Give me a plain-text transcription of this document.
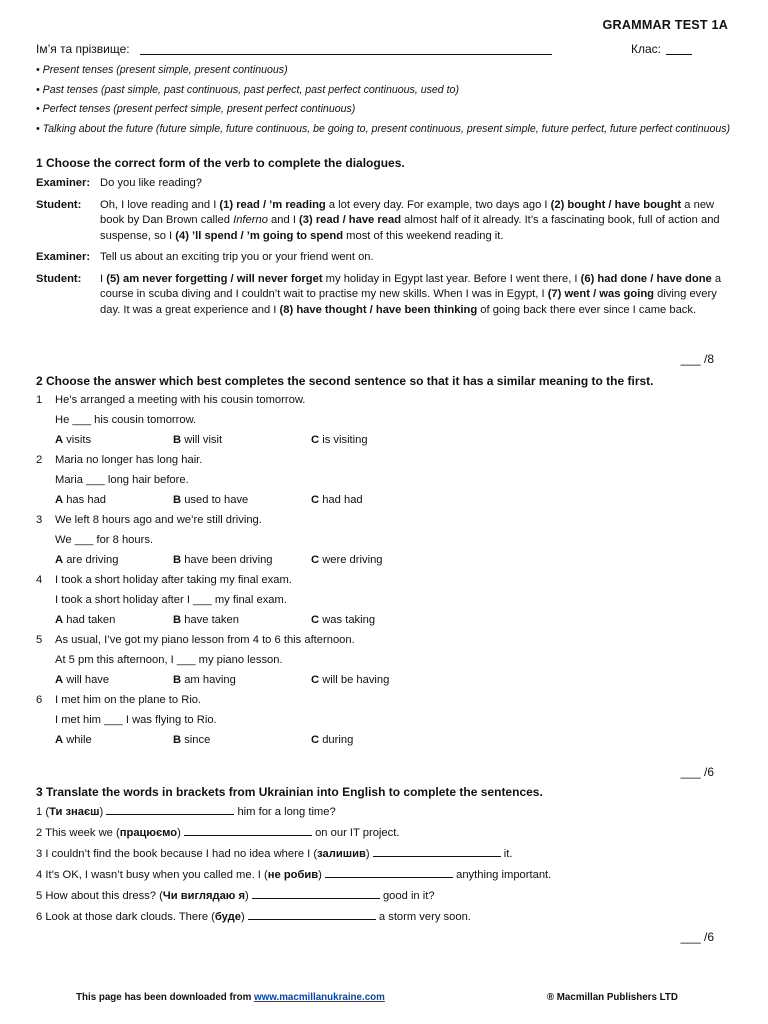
GRAMMAR TEST 1A
Ім’я та прізвище:	Клас:
• Present tenses (present simple, present continuous)
• Past tenses (past simple, past continuous, past perfect, past perfect continuous, used to)
• Perfect tenses (present perfect simple, present perfect continuous)
• Talking about the future (future simple, future continuous, be going to, present continuous, present simple, future perfect, future perfect continuous)
1 Choose the correct form of the verb to complete the dialogues.
Examiner: Do you like reading?
Student:	Oh, I love reading and I (1) read / ’m reading a lot every day. For example, two days ago I (2) bought / have bought a new book by Dan Brown called Inferno and I (3) read / have read almost half of it already. It’s a fascinating book, full of action and suspense, so I (4) ’ll spend / ’m going to spend most of this weekend reading it.
Examiner: Tell us about an exciting trip you or your friend went on.
Student:	I (5) am never forgetting / will never forget my holiday in Egypt last year. Before I went there, I (6) had done / have done a course in scuba diving and I couldn’t wait to practise my new skills. When I was in Egypt, I (7) went / was going diving every day. It was a great experience and I (8) have thought / have been thinking of going back there ever since I came back.
___ /8
2 Choose the answer which best completes the second sentence so that it has a similar meaning to the first.
1	He’s arranged a meeting with his cousin tomorrow.
He ___ his cousin tomorrow.
A visits	B will visit	C is visiting
2	Maria no longer has long hair.
Maria ___ long hair before.
A has had	B used to have	C had had
3	We left 8 hours ago and we’re still driving.
We ___ for 8 hours.
A are driving	B have been driving	C were driving
4	I took a short holiday after taking my final exam.
I took a short holiday after I ___ my final exam.
A had taken	B have taken	C was taking
5	As usual, I’ve got my piano lesson from 4 to 6 this afternoon.
At 5 pm this afternoon, I ___ my piano lesson.
A will have	B am having	C will be having
6	I met him on the plane to Rio.
I met him ___ I was flying to Rio.
A while	B since	C during
___ /6
3 Translate the words in brackets from Ukrainian into English to complete the sentences.
1 (Ти знаєш)	him for a long time?
2 This week we (працюємо)	on our IT project.
3 I couldn’t find the book because I had no idea where I (залишив)	it.
4 It’s OK, I wasn’t busy when you called me. I (не робив)	anything important.
5 How about this dress? (Чи виглядаю я)	good in it?
6 Look at those dark clouds. There (буде)	a storm very soon.
___ /6
This page has been downloaded from www.macmillanukraine.com	® Macmillan Publishers LTD
